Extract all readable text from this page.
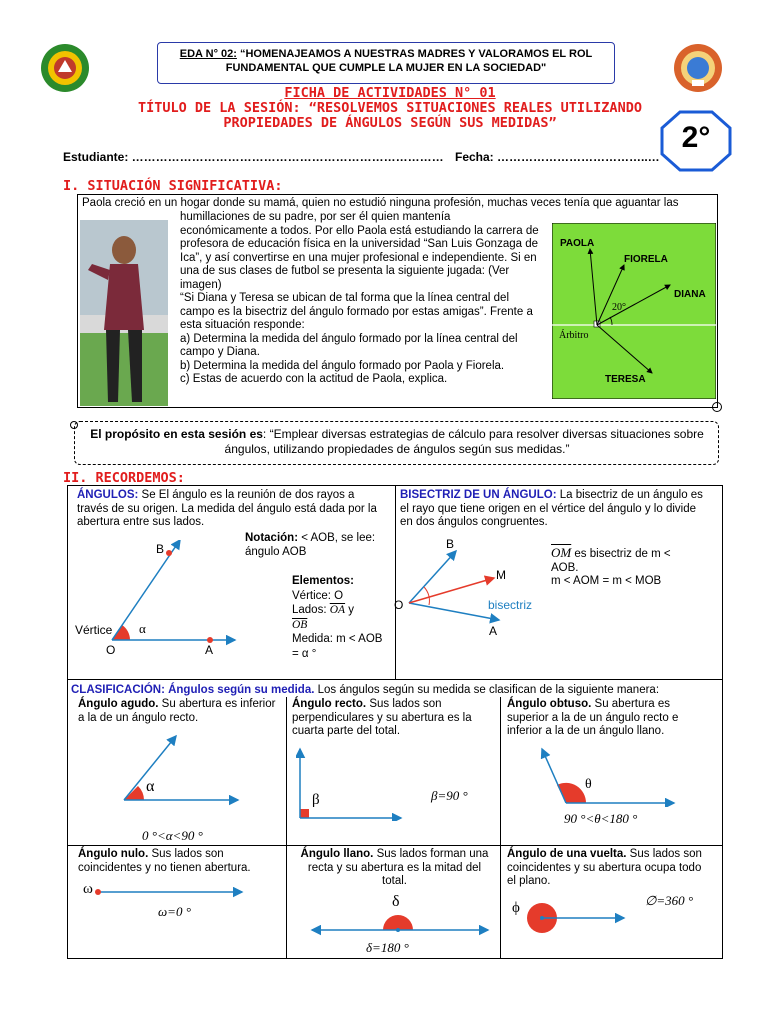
EDA N° 02: “HOMENAJEAMOS A NUESTRAS MADRES Y VALORAMOS EL ROL
FUNDAMENTAL QUE CUMPLE LA MUJER EN LA SOCIEDAD"
FICHA DE ACTIVIDADES N° 01
TÍTULO DE LA SESIÓN: “RESOLVEMOS SITUACIONES REALES UTILIZANDO
PROPIEDADES DE ÁNGULOS SEGÚN SUS MEDIDAS”	2°
Estudiante: …………………………………………………………………… Fecha: ………………………………..…
I. SITUACIÓN SIGNIFICATIVA:
Paola creció en un hogar donde su mamá, quien no estudió ninguna profesión, muchas veces tenía que aguantar las
humillaciones de su padre, por ser él quien mantenía
económicamente a todos. Por ello Paola está estudiando la carrera de
profesora de educación física en la universidad “San Luis Gonzaga de
Ica”, y así convertirse en una mujer profesional e independiente. Si en
una de sus clases de futbol se presenta la siguiente jugada: (Ver
imagen)
“Si Diana y Teresa se ubican de tal forma que la línea central del
campo es la bisectriz del ángulo formado por estas amigas”. Frente a
esta situación responde:
a) Determina la medida del ángulo formado por la línea central del
campo y Diana.
b) Determina la medida del ángulo formado por Paola y Fiorela.
c) Estas de acuerdo con la actitud de Paola, explica.
PAOLA
FIORELA
DIANA
20°
Árbitro
TERESA
El propósito en esta sesión es: “Emplear diversas estrategias de cálculo para resolver diversas situaciones sobre
ángulos, utilizando propiedades de ángulos según sus medidas.”
II. RECORDEMOS:
ÁNGULOS: Se El ángulo es la reunión de dos rayos a
través de su origen. La medida del ángulo está dada por la
abertura entre sus lados.
Notación: < AOB, se lee:
ángulo AOB
Elementos:
Vértice: O
Lados: $\overline{OA}$ y
$\overline{OB}$
Medida: m < AOB
= α °
B
A
O
Vértice α
BISECTRIZ DE UN ÁNGULO: La bisectriz de un ángulo es
el rayo que tiene origen en el vértice del ángulo y lo divide
en dos ángulos congruentes.
$\overline{OM}$ es bisectriz de m <
AOB.
m < AOM = m < MOB
B
M
O
A
bisectriz
CLASIFICACIÓN: Ángulos según su medida. Los ángulos según su medida se clasifican de la siguiente manera:
Ángulo agudo. Su abertura es inferior
a la de un ángulo recto.
α
0 °<α<90 °
Ángulo recto. Sus lados son
perpendiculares y su abertura es la
cuarta parte del total.
β	β=90 °
Ángulo obtuso. Su abertura es
superior a la de un ángulo recto e
inferior a la de un ángulo llano.
θ
90 °<θ<180 °
Ángulo nulo. Sus lados son
coincidentes y no tienen abertura.
ω
ω=0 °
Ángulo llano. Sus lados forman una
recta y su abertura es la mitad del
total.
δ
δ=180 °
Ángulo de una vuelta. Sus lados son
coincidentes y su abertura ocupa todo
el plano.
ϕ	∅=360 °
